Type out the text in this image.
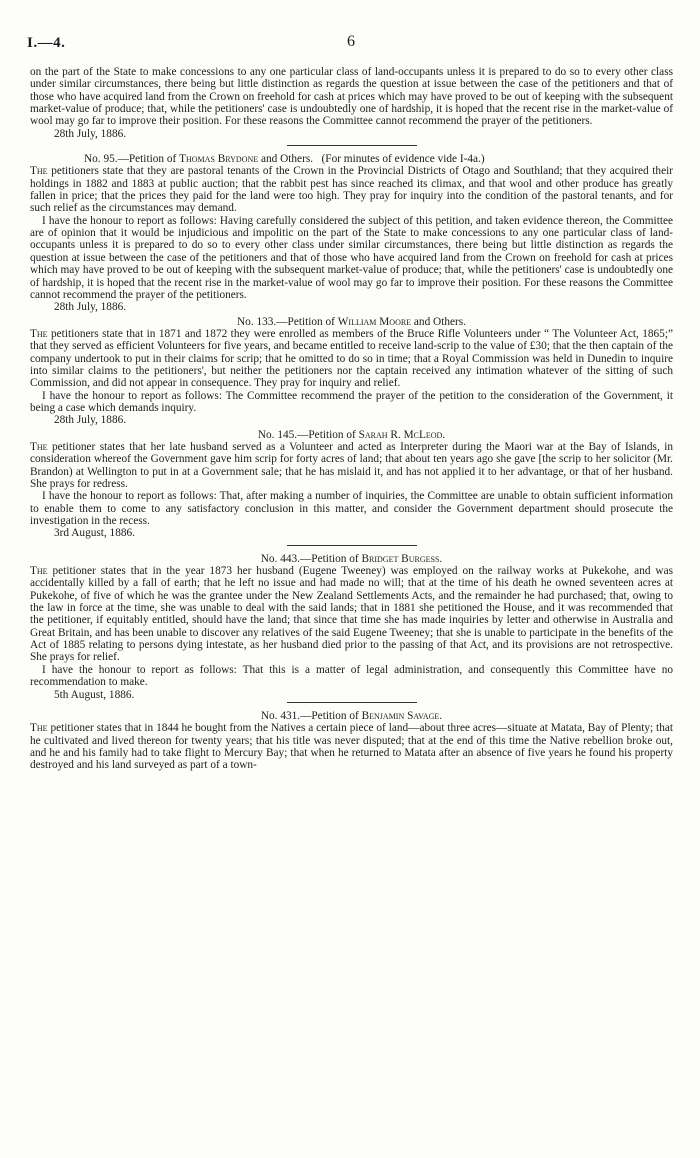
I.—4.	6

on the part of the State to make concessions to any one particular class of land-occupants unless it is prepared to do so to every other class under similar circumstances, there being but little distinction as regards the question at issue between the case of the petitioners and that of those who have acquired land from the Crown on freehold for cash at prices which may have proved to be out of keeping with the subsequent market-value of produce; that, while the petitioners' case is undoubtedly one of hardship, it is hoped that the recent rise in the market-value of wool may go far to improve their position. For these reasons the Committee cannot recommend the prayer of the petitioners.

28th July, 1886.

No. 95.—Petition of Thomas Brydone and Others. (For minutes of evidence vide I-4a.)

The petitioners state that they are pastoral tenants of the Crown in the Provincial Districts of Otago and Southland; that they acquired their holdings in 1882 and 1883 at public auction; that the rabbit pest has since reached its climax, and that wool and other produce has greatly fallen in price; that the prices they paid for the land were too high. They pray for inquiry into the condition of the pastoral tenants, and for such relief as the circumstances may demand.

I have the honour to report as follows: Having carefully considered the subject of this petition, and taken evidence thereon, the Committee are of opinion that it would be injudicious and impolitic on the part of the State to make concessions to any one particular class of land-occupants unless it is prepared to do so to every other class under similar circumstances, there being but little distinction as regards the question at issue between the case of the petitioners and that of those who have acquired land from the Crown on freehold for cash at prices which may have proved to be out of keeping with the subsequent market-value of produce; that, while the petitioners' case is undoubtedly one of hardship, it is hoped that the recent rise in the market-value of wool may go far to improve their position. For these reasons the Committee cannot recommend the prayer of the petitioners.

28th July, 1886.

No. 133.—Petition of William Moore and Others.

The petitioners state that in 1871 and 1872 they were enrolled as members of the Bruce Rifle Volunteers under “ The Volunteer Act, 1865;” that they served as efficient Volunteers for five years, and became entitled to receive land-scrip to the value of £30; that the then captain of the company undertook to put in their claims for scrip; that he omitted to do so in time; that a Royal Commission was held in Dunedin to inquire into similar claims to the petitioners', but neither the petitioners nor the captain received any intimation whatever of the sitting of such Commission, and did not appear in consequence. They pray for inquiry and relief.

I have the honour to report as follows: The Committee recommend the prayer of the petition to the consideration of the Government, it being a case which demands inquiry.

28th July, 1886.

No. 145.—Petition of Sarah R. McLeod.

The petitioner states that her late husband served as a Volunteer and acted as Interpreter during the Maori war at the Bay of Islands, in consideration whereof the Government gave him scrip for forty acres of land; that about ten years ago she gave [the scrip to her solicitor (Mr. Brandon) at Wellington to put in at a Government sale; that he has mislaid it, and has not applied it to her advantage, or that of her husband. She prays for redress.

I have the honour to report as follows: That, after making a number of inquiries, the Committee are unable to obtain sufficient information to enable them to come to any satisfactory conclusion in this matter, and consider the Government department should prosecute the investigation in the recess.

3rd August, 1886.

No. 443.—Petition of Bridget Burgess.

The petitioner states that in the year 1873 her husband (Eugene Tweeney) was employed on the railway works at Pukekohe, and was accidentally killed by a fall of earth; that he left no issue and had made no will; that at the time of his death he owned seventeen acres at Pukekohe, of five of which he was the grantee under the New Zealand Settlements Acts, and the remainder he had purchased; that, owing to the law in force at the time, she was unable to deal with the said lands; that in 1881 she petitioned the House, and it was recommended that the petitioner, if equitably entitled, should have the land; that since that time she has made inquiries by letter and otherwise in Australia and Great Britain, and has been unable to discover any relatives of the said Eugene Tweeney; that she is unable to participate in the benefits of the Act of 1885 relating to persons dying intestate, as her husband died prior to the passing of that Act, and its provisions are not retrospective. She prays for relief.

I have the honour to report as follows: That this is a matter of legal administration, and consequently this Committee have no recommendation to make.

5th August, 1886.

No. 431.—Petition of Benjamin Savage.

The petitioner states that in 1844 he bought from the Natives a certain piece of land—about three acres—situate at Matata, Bay of Plenty; that he cultivated and lived thereon for twenty years; that his title was never disputed; that at the end of this time the Native rebellion broke out, and he and his family had to take flight to Mercury Bay; that when he returned to Matata after an absence of five years he found his property destroyed and his land surveyed as part of a town-
